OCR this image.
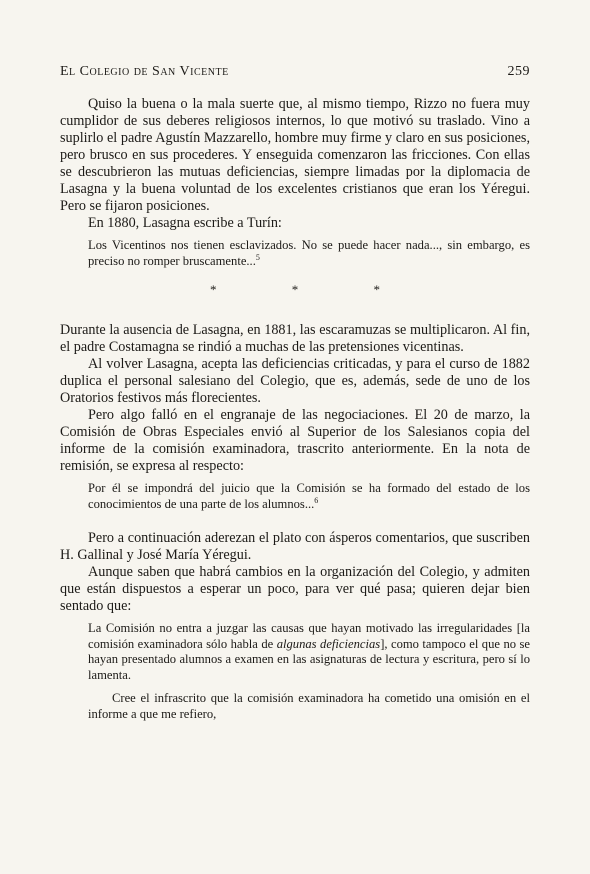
El Colegio de San Vicente	259

Quiso la buena o la mala suerte que, al mismo tiempo, Rizzo no fuera muy cumplidor de sus deberes religiosos internos, lo que motivó su traslado. Vino a suplirlo el padre Agustín Mazzarello, hombre muy firme y claro en sus posiciones, pero brusco en sus procederes. Y enseguida comenzaron las fricciones. Con ellas se descubrieron las mutuas deficiencias, siempre limadas por la diplomacia de Lasagna y la buena voluntad de los excelentes cristianos que eran los Yéregui. Pero se fijaron posiciones.

En 1880, Lasagna escribe a Turín:

Los Vicentinos nos tienen esclavizados. No se puede hacer nada..., sin embargo, es preciso no romper bruscamente...$^5$

* * *

Durante la ausencia de Lasagna, en 1881, las escaramuzas se multiplicaron. Al fin, el padre Costamagna se rindió a muchas de las pretensiones vicentinas.

Al volver Lasagna, acepta las deficiencias criticadas, y para el curso de 1882 duplica el personal salesiano del Colegio, que es, además, sede de uno de los Oratorios festivos más florecientes.

Pero algo falló en el engranaje de las negociaciones. El 20 de marzo, la Comisión de Obras Especiales envió al Superior de los Salesianos copia del informe de la comisión examinadora, trascrito anteriormente. En la nota de remisión, se expresa al respecto:

Por él se impondrá del juicio que la Comisión se ha formado del estado de los conocimientos de una parte de los alumnos...$^6$

Pero a continuación aderezan el plato con ásperos comentarios, que suscriben H. Gallinal y José María Yéregui.

Aunque saben que habrá cambios en la organización del Colegio, y admiten que están dispuestos a esperar un poco, para ver qué pasa; quieren dejar bien sentado que:

La Comisión no entra a juzgar las causas que hayan motivado las irregularidades [la comisión examinadora sólo habla de algunas deficiencias], como tampoco el que no se hayan presentado alumnos a examen en las asignaturas de lectura y escritura, pero sí lo lamenta.

Cree el infrascrito que la comisión examinadora ha cometido una omisión en el informe a que me refiero,
